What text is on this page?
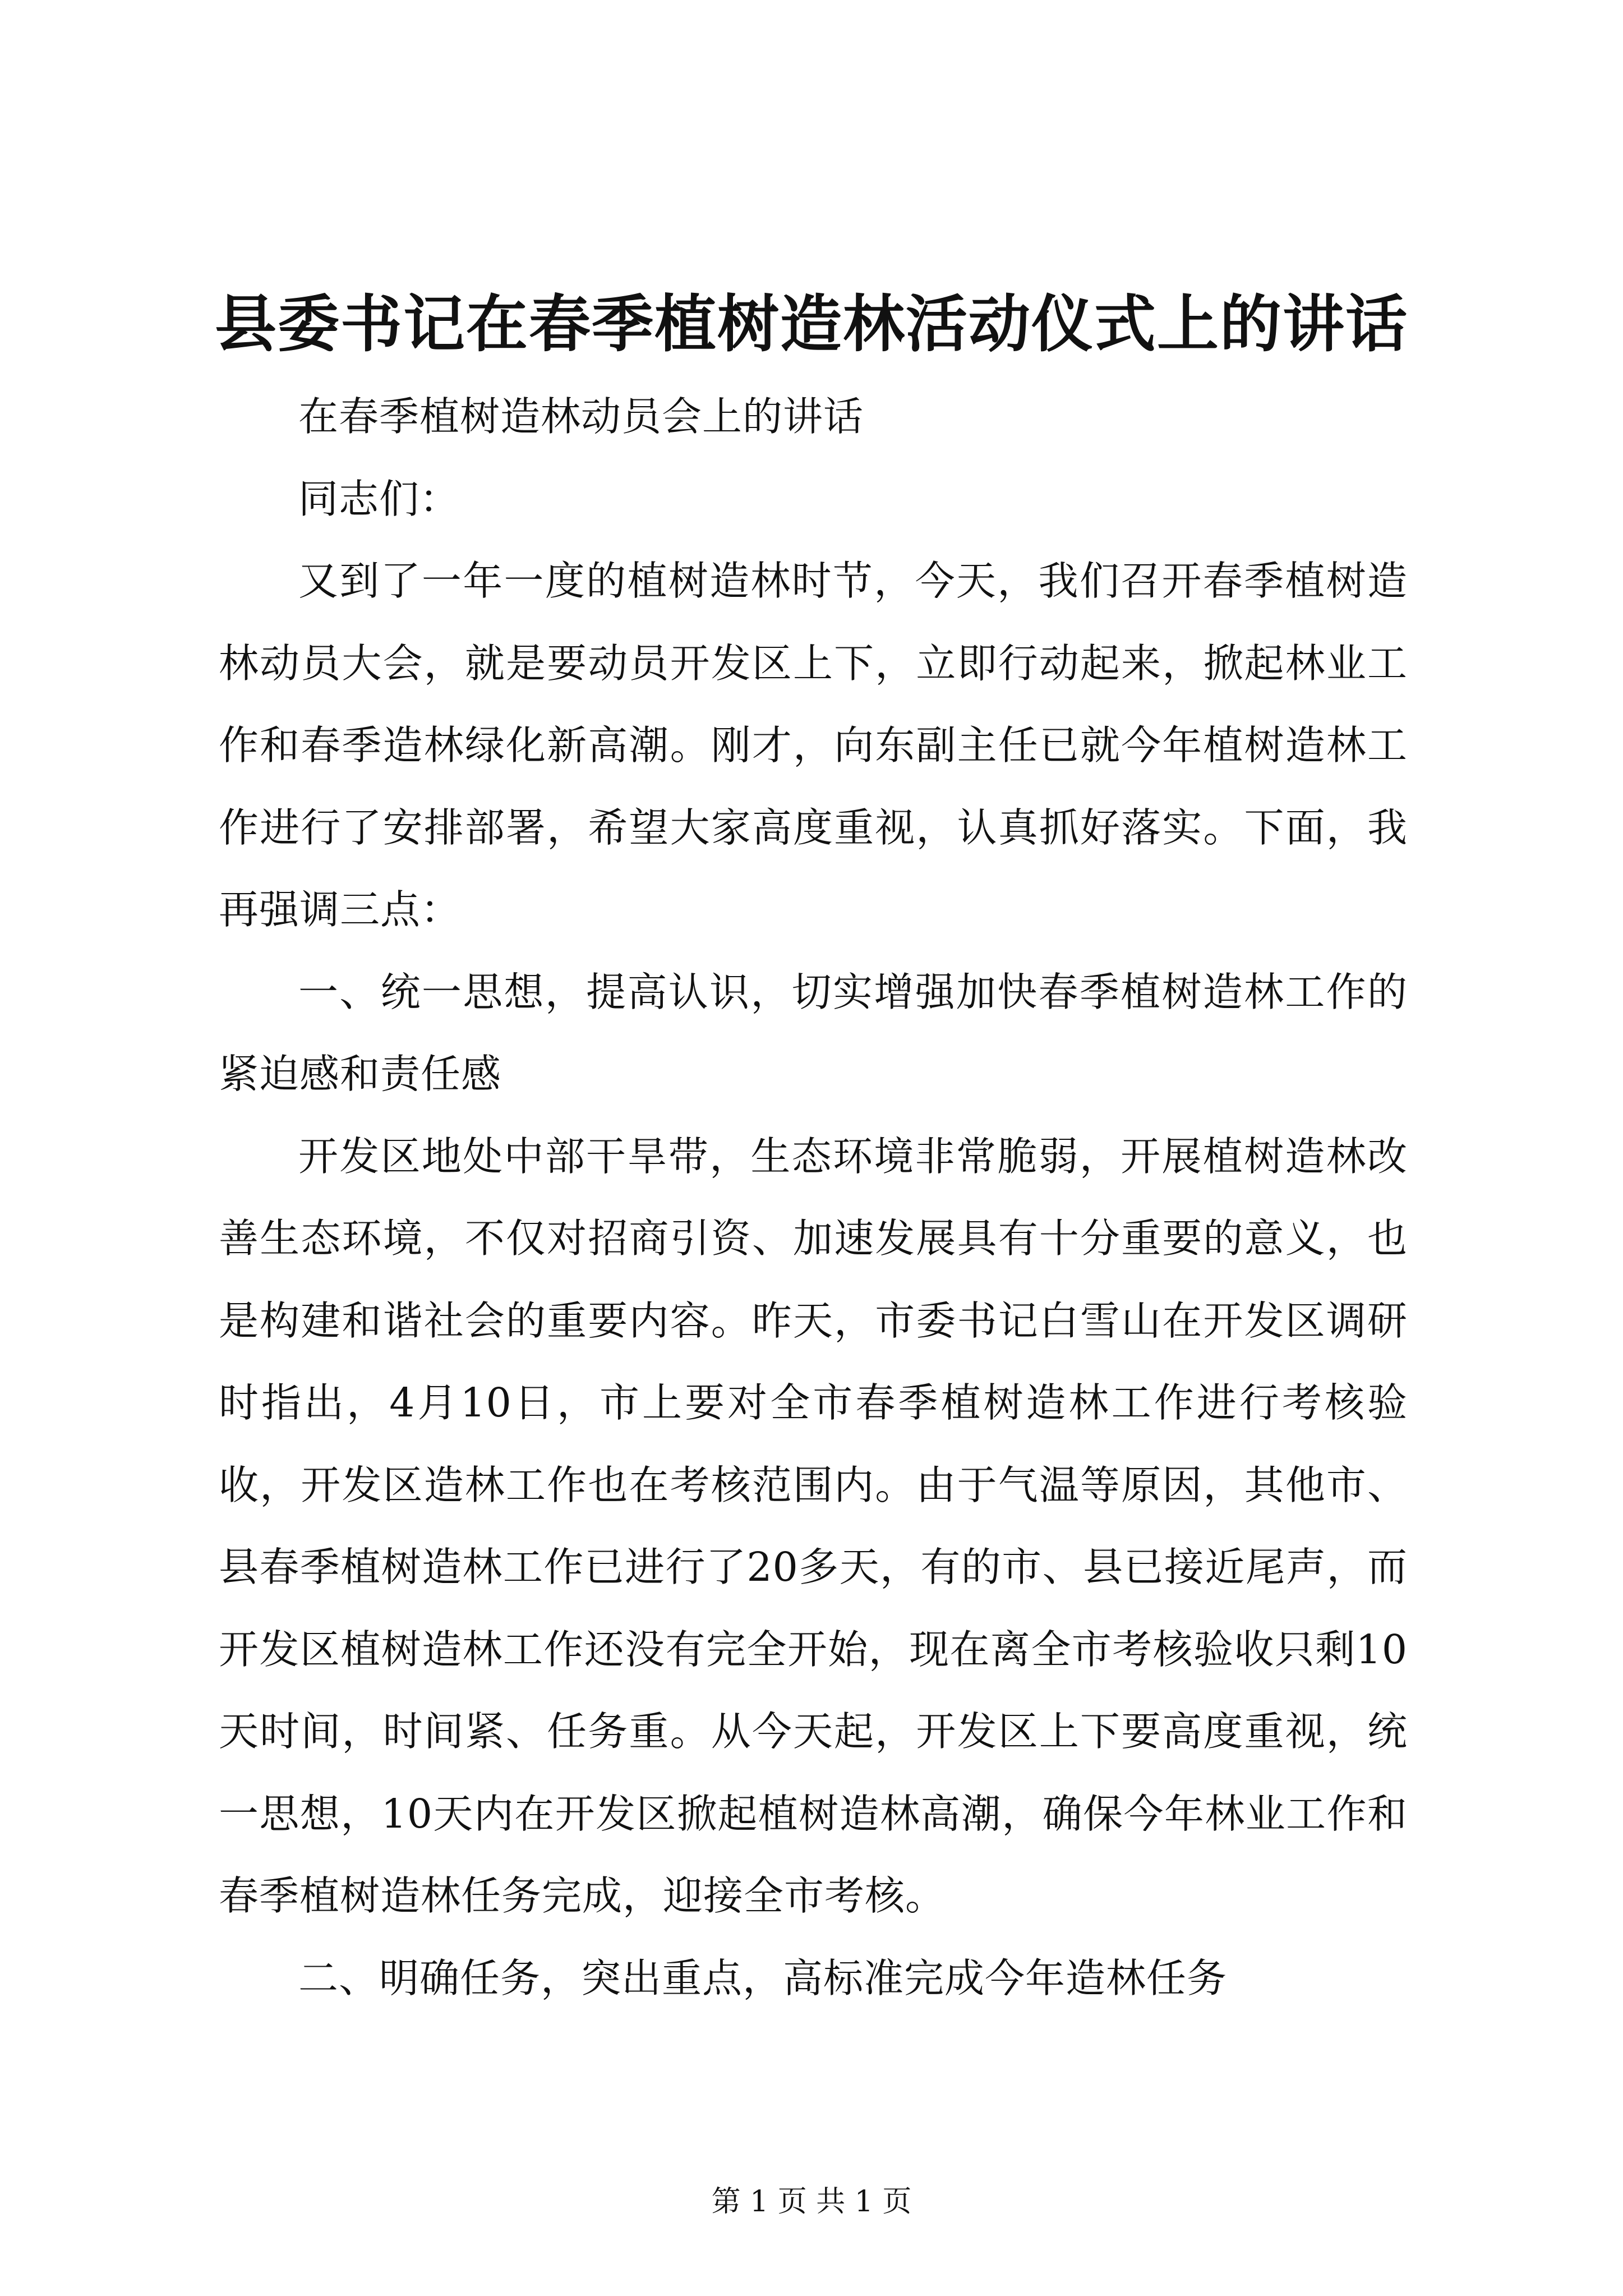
县委书记在春季植树造林活动仪式上的讲话

在春季植树造林动员会上的讲话

同志们：

又到了一年一度的植树造林时节，今天，我们召开春季植树造林动员大会，就是要动员开发区上下，立即行动起来，掀起林业工作和春季造林绿化新高潮。刚才，向东副主任已就今年植树造林工作进行了安排部署，希望大家高度重视，认真抓好落实。下面，我再强调三点：

一、统一思想，提高认识，切实增强加快春季植树造林工作的紧迫感和责任感

开发区地处中部干旱带，生态环境非常脆弱，开展植树造林改善生态环境，不仅对招商引资、加速发展具有十分重要的意义，也是构建和谐社会的重要内容。昨天，市委书记白雪山在开发区调研时指出，4月10日，市上要对全市春季植树造林工作进行考核验收，开发区造林工作也在考核范围内。由于气温等原因，其他市、县春季植树造林工作已进行了20多天，有的市、县已接近尾声，而开发区植树造林工作还没有完全开始，现在离全市考核验收只剩10天时间，时间紧、任务重。从今天起，开发区上下要高度重视，统一思想，10天内在开发区掀起植树造林高潮，确保今年林业工作和春季植树造林任务完成，迎接全市考核。

二、明确任务，突出重点，高标准完成今年造林任务

第 1 页 共 1 页
